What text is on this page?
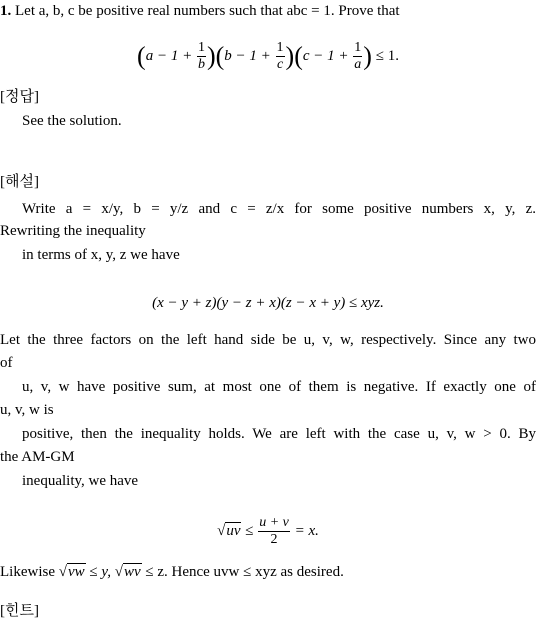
1. Let a, b, c be positive real numbers such that abc = 1. Prove that
$(a - 1 + \frac{1}{b} )(b - 1 + \frac{1}{c} )(c - 1 + \frac{1}{a}$ ) ≤ 1.
[정답]
See the solution.
[해설]
Write a = x/y, b = y/z and c = z/x for some positive numbers x, y, z.
Rewriting the inequality
in terms of x, y, z we have
(x − y + z)(y − z + x)(z − x + y) ≤ xyz.
Let the three factors on the left hand side be u, v, w, respectively. Since any two
of
u, v, w have positive sum, at most one of them is negative. If exactly one of
u, v, w is
positive, then the inequality holds. We are left with the case u, v, w > 0. By
the AM-GM
inequality, we have
$√uv \le \frac{u + v}{2} = x$.
Likewise √vw ≤ y, √wv ≤ z. Hence uvw ≤ xyz as desired.
[힌트]
